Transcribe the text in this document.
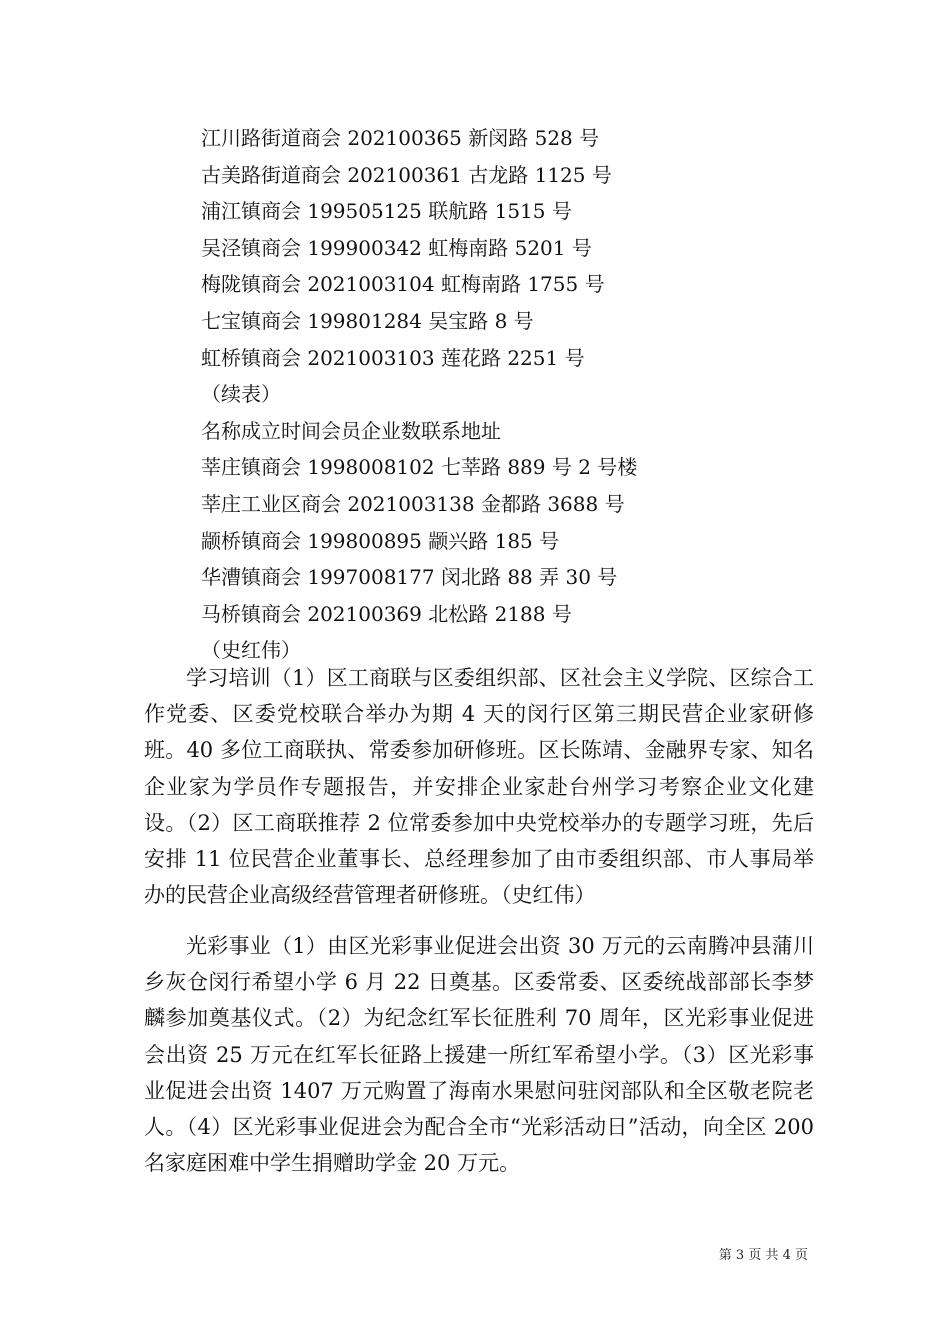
江川路街道商会 202100365 新闵路 528 号
古美路街道商会 202100361 古龙路 1125 号
浦江镇商会 199505125 联航路 1515 号
吴泾镇商会 199900342 虹梅南路 5201 号
梅陇镇商会 2021003104 虹梅南路 1755 号
七宝镇商会 199801284 吴宝路 8 号
虹桥镇商会 2021003103 莲花路 2251 号
（续表）
名称成立时间会员企业数联系地址
莘庄镇商会 1998008102 七莘路 889 号 2 号楼
莘庄工业区商会 2021003138 金都路 3688 号
颛桥镇商会 199800895 颛兴路 185 号
华漕镇商会 1997008177 闵北路 88 弄 30 号
马桥镇商会 202100369 北松路 2188 号
（史红伟）

学习培训（1）区工商联与区委组织部、区社会主义学院、区综合工作党委、区委党校联合举办为期 4 天的闵行区第三期民营企业家研修班。40 多位工商联执、常委参加研修班。区长陈靖、金融界专家、知名企业家为学员作专题报告，并安排企业家赴台州学习考察企业文化建设。（2）区工商联推荐 2 位常委参加中央党校举办的专题学习班，先后安排 11 位民营企业董事长、总经理参加了由市委组织部、市人事局举办的民营企业高级经营管理者研修班。（史红伟）

光彩事业（1）由区光彩事业促进会出资 30 万元的云南腾冲县蒲川乡灰仓闵行希望小学 6 月 22 日奠基。区委常委、区委统战部部长李梦麟参加奠基仪式。（2）为纪念红军长征胜利 70 周年，区光彩事业促进会出资 25 万元在红军长征路上援建一所红军希望小学。（3）区光彩事业促进会出资 1407 万元购置了海南水果慰问驻闵部队和全区敬老院老人。（4）区光彩事业促进会为配合全市“光彩活动日”活动，向全区 200 名家庭困难中学生捐赠助学金 20 万元。

第 3 页 共 4 页
